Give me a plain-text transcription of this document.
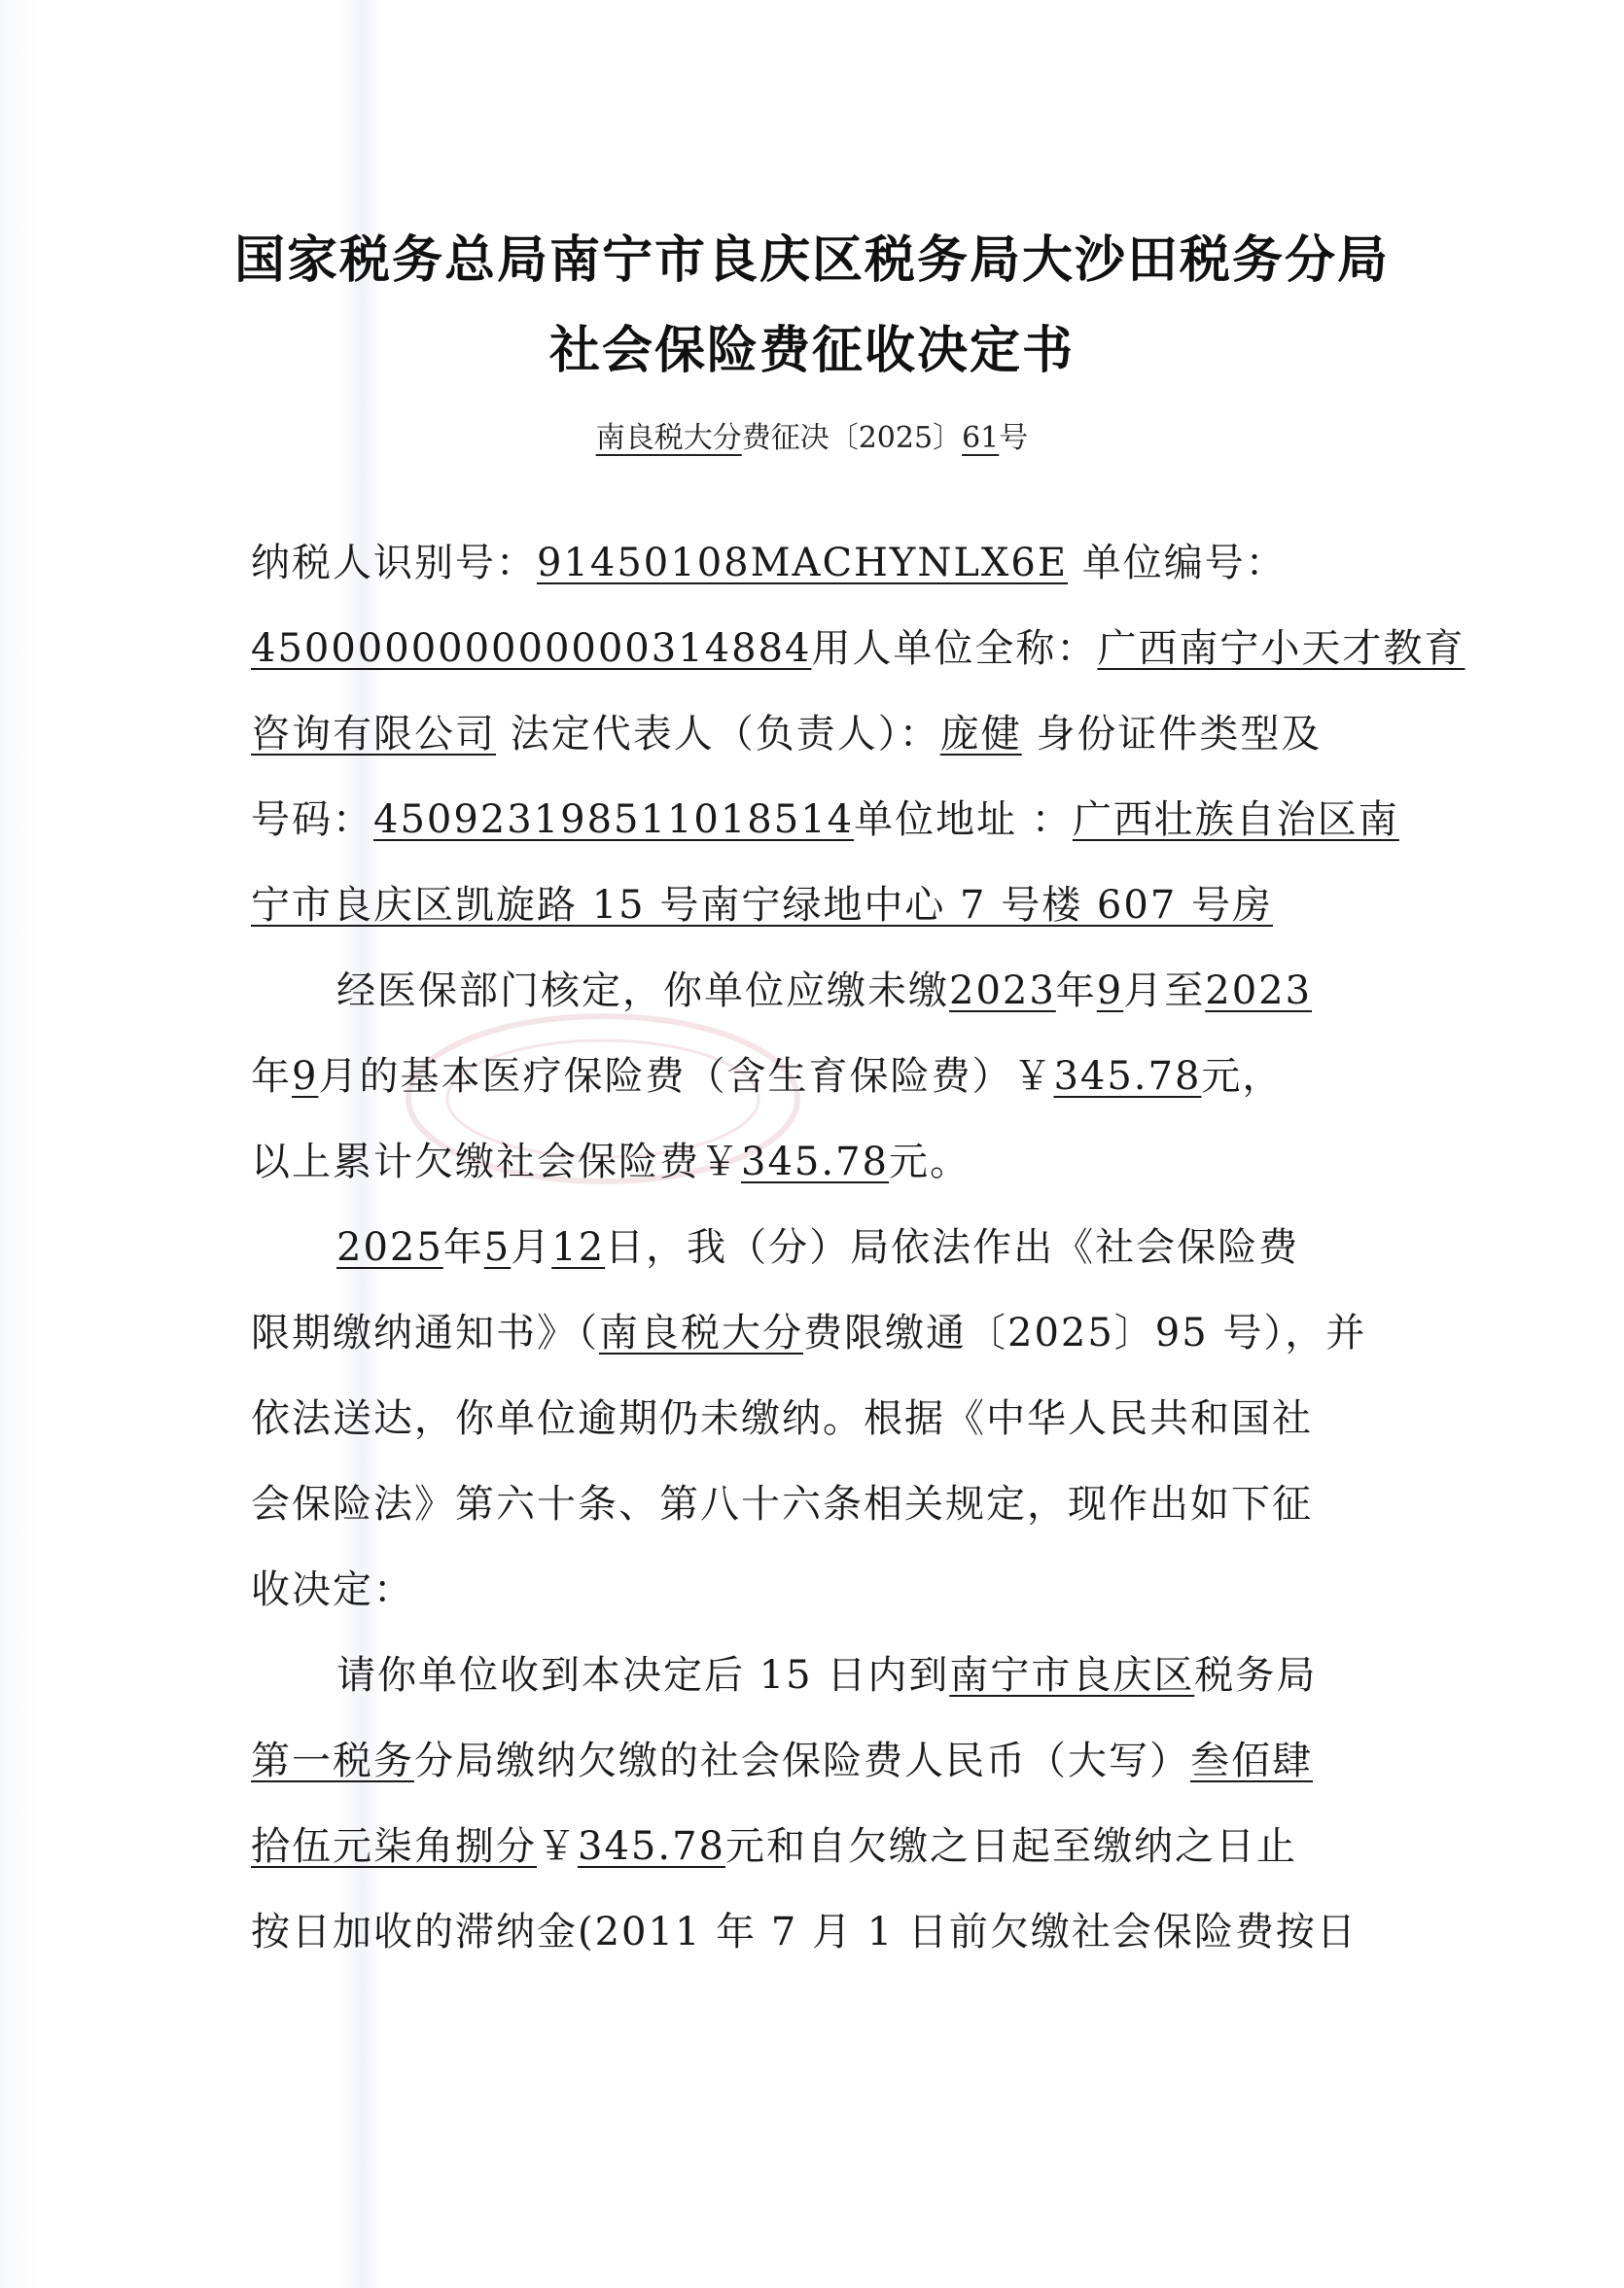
国家税务总局南宁市良庆区税务局大沙田税务分局
社会保险费征收决定书
南良税大分费征决〔2025〕61号
纳税人识别号：91450108MACHYNLX6E 单位编号：
450000000000000314884用人单位全称：广西南宁小天才教育
咨询有限公司 法定代表人（负责人）：庞健 身份证件类型及
号码：450923198511018514单位地址 ：广西壮族自治区南
宁市良庆区凯旋路 15 号南宁绿地中心 7 号楼 607 号房
经医保部门核定，你单位应缴未缴2023年9月至2023
年9月的基本医疗保险费（含生育保险费）￥345.78元，
以上累计欠缴社会保险费￥345.78元。
2025年5月12日，我（分）局依法作出《社会保险费
限期缴纳通知书》（南良税大分费限缴通〔2025〕95 号），并
依法送达，你单位逾期仍未缴纳。根据《中华人民共和国社
会保险法》第六十条、第八十六条相关规定，现作出如下征
收决定：
请你单位收到本决定后 15 日内到南宁市良庆区税务局
第一税务分局缴纳欠缴的社会保险费人民币（大写）叁佰肆
拾伍元柒角捌分￥345.78元和自欠缴之日起至缴纳之日止
按日加收的滞纳金(2011 年 7 月 1 日前欠缴社会保险费按日
